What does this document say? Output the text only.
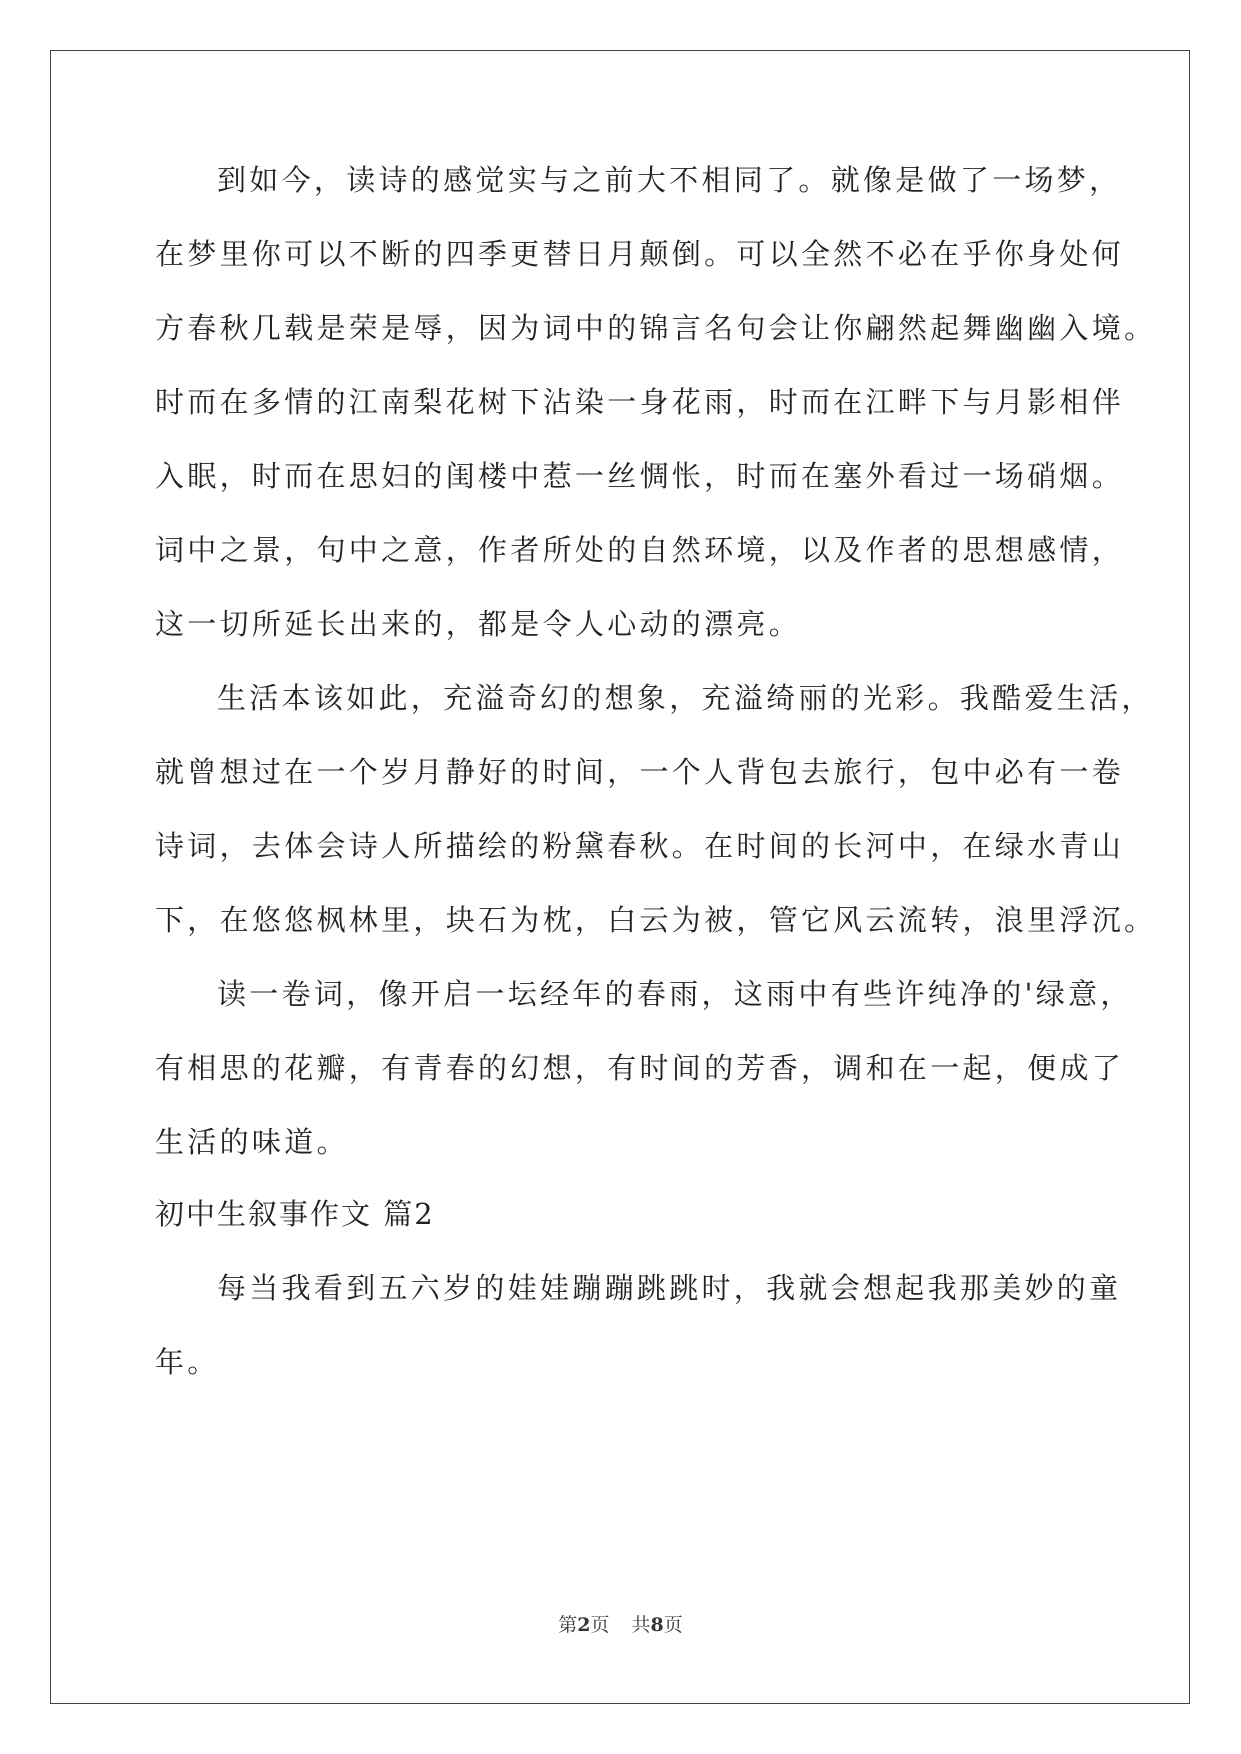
到如今，读诗的感觉实与之前大不相同了。就像是做了一场梦，
在梦里你可以不断的四季更替日月颠倒。可以全然不必在乎你身处何
方春秋几载是荣是辱，因为词中的锦言名句会让你翩然起舞幽幽入境。
时而在多情的江南梨花树下沾染一身花雨，时而在江畔下与月影相伴
入眠，时而在思妇的闺楼中惹一丝惆怅，时而在塞外看过一场硝烟。
词中之景，句中之意，作者所处的自然环境，以及作者的思想感情，
这一切所延长出来的，都是令人心动的漂亮。
生活本该如此，充溢奇幻的想象，充溢绮丽的光彩。我酷爱生活，
就曾想过在一个岁月静好的时间，一个人背包去旅行，包中必有一卷
诗词，去体会诗人所描绘的粉黛春秋。在时间的长河中，在绿水青山
下，在悠悠枫林里，块石为枕，白云为被，管它风云流转，浪里浮沉。
读一卷词，像开启一坛经年的春雨，这雨中有些许纯净的'绿意，
有相思的花瓣，有青春的幻想，有时间的芳香，调和在一起，便成了
生活的味道。
初中生叙事作文 篇2
每当我看到五六岁的娃娃蹦蹦跳跳时，我就会想起我那美妙的童
年。
第2页 共8页
